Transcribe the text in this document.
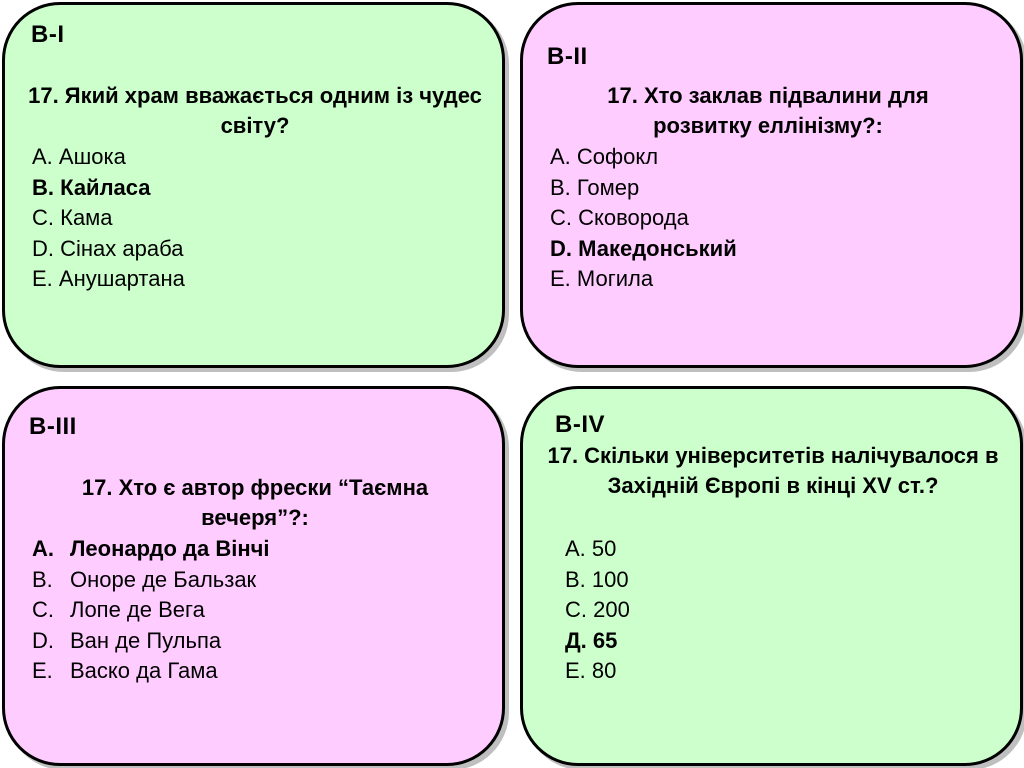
В-І
17. Який храм вважається одним із чудес світу?
А. Ашока
В. Кайласа
С. Кама
D. Сінах араба
Е. Анушартана
В-ІІ
17. Хто заклав підвалини для розвитку еллінізму?:
А. Софокл
В. Гомер
С. Сковорода
D. Македонський
Е. Могила
В-ІІІ
17. Хто є автор фрески “Таємна вечеря”?:
A. Леонардо да Вінчі
B. Оноре де Бальзак
C. Лопе де Вега
D. Ван де Пульпа
E. Васко да Гама
В-ІV
17. Скільки університетів налічувалося в Західній Європі в кінці XV ст.?
А. 50
В. 100
С. 200
Д. 65
Е. 80
